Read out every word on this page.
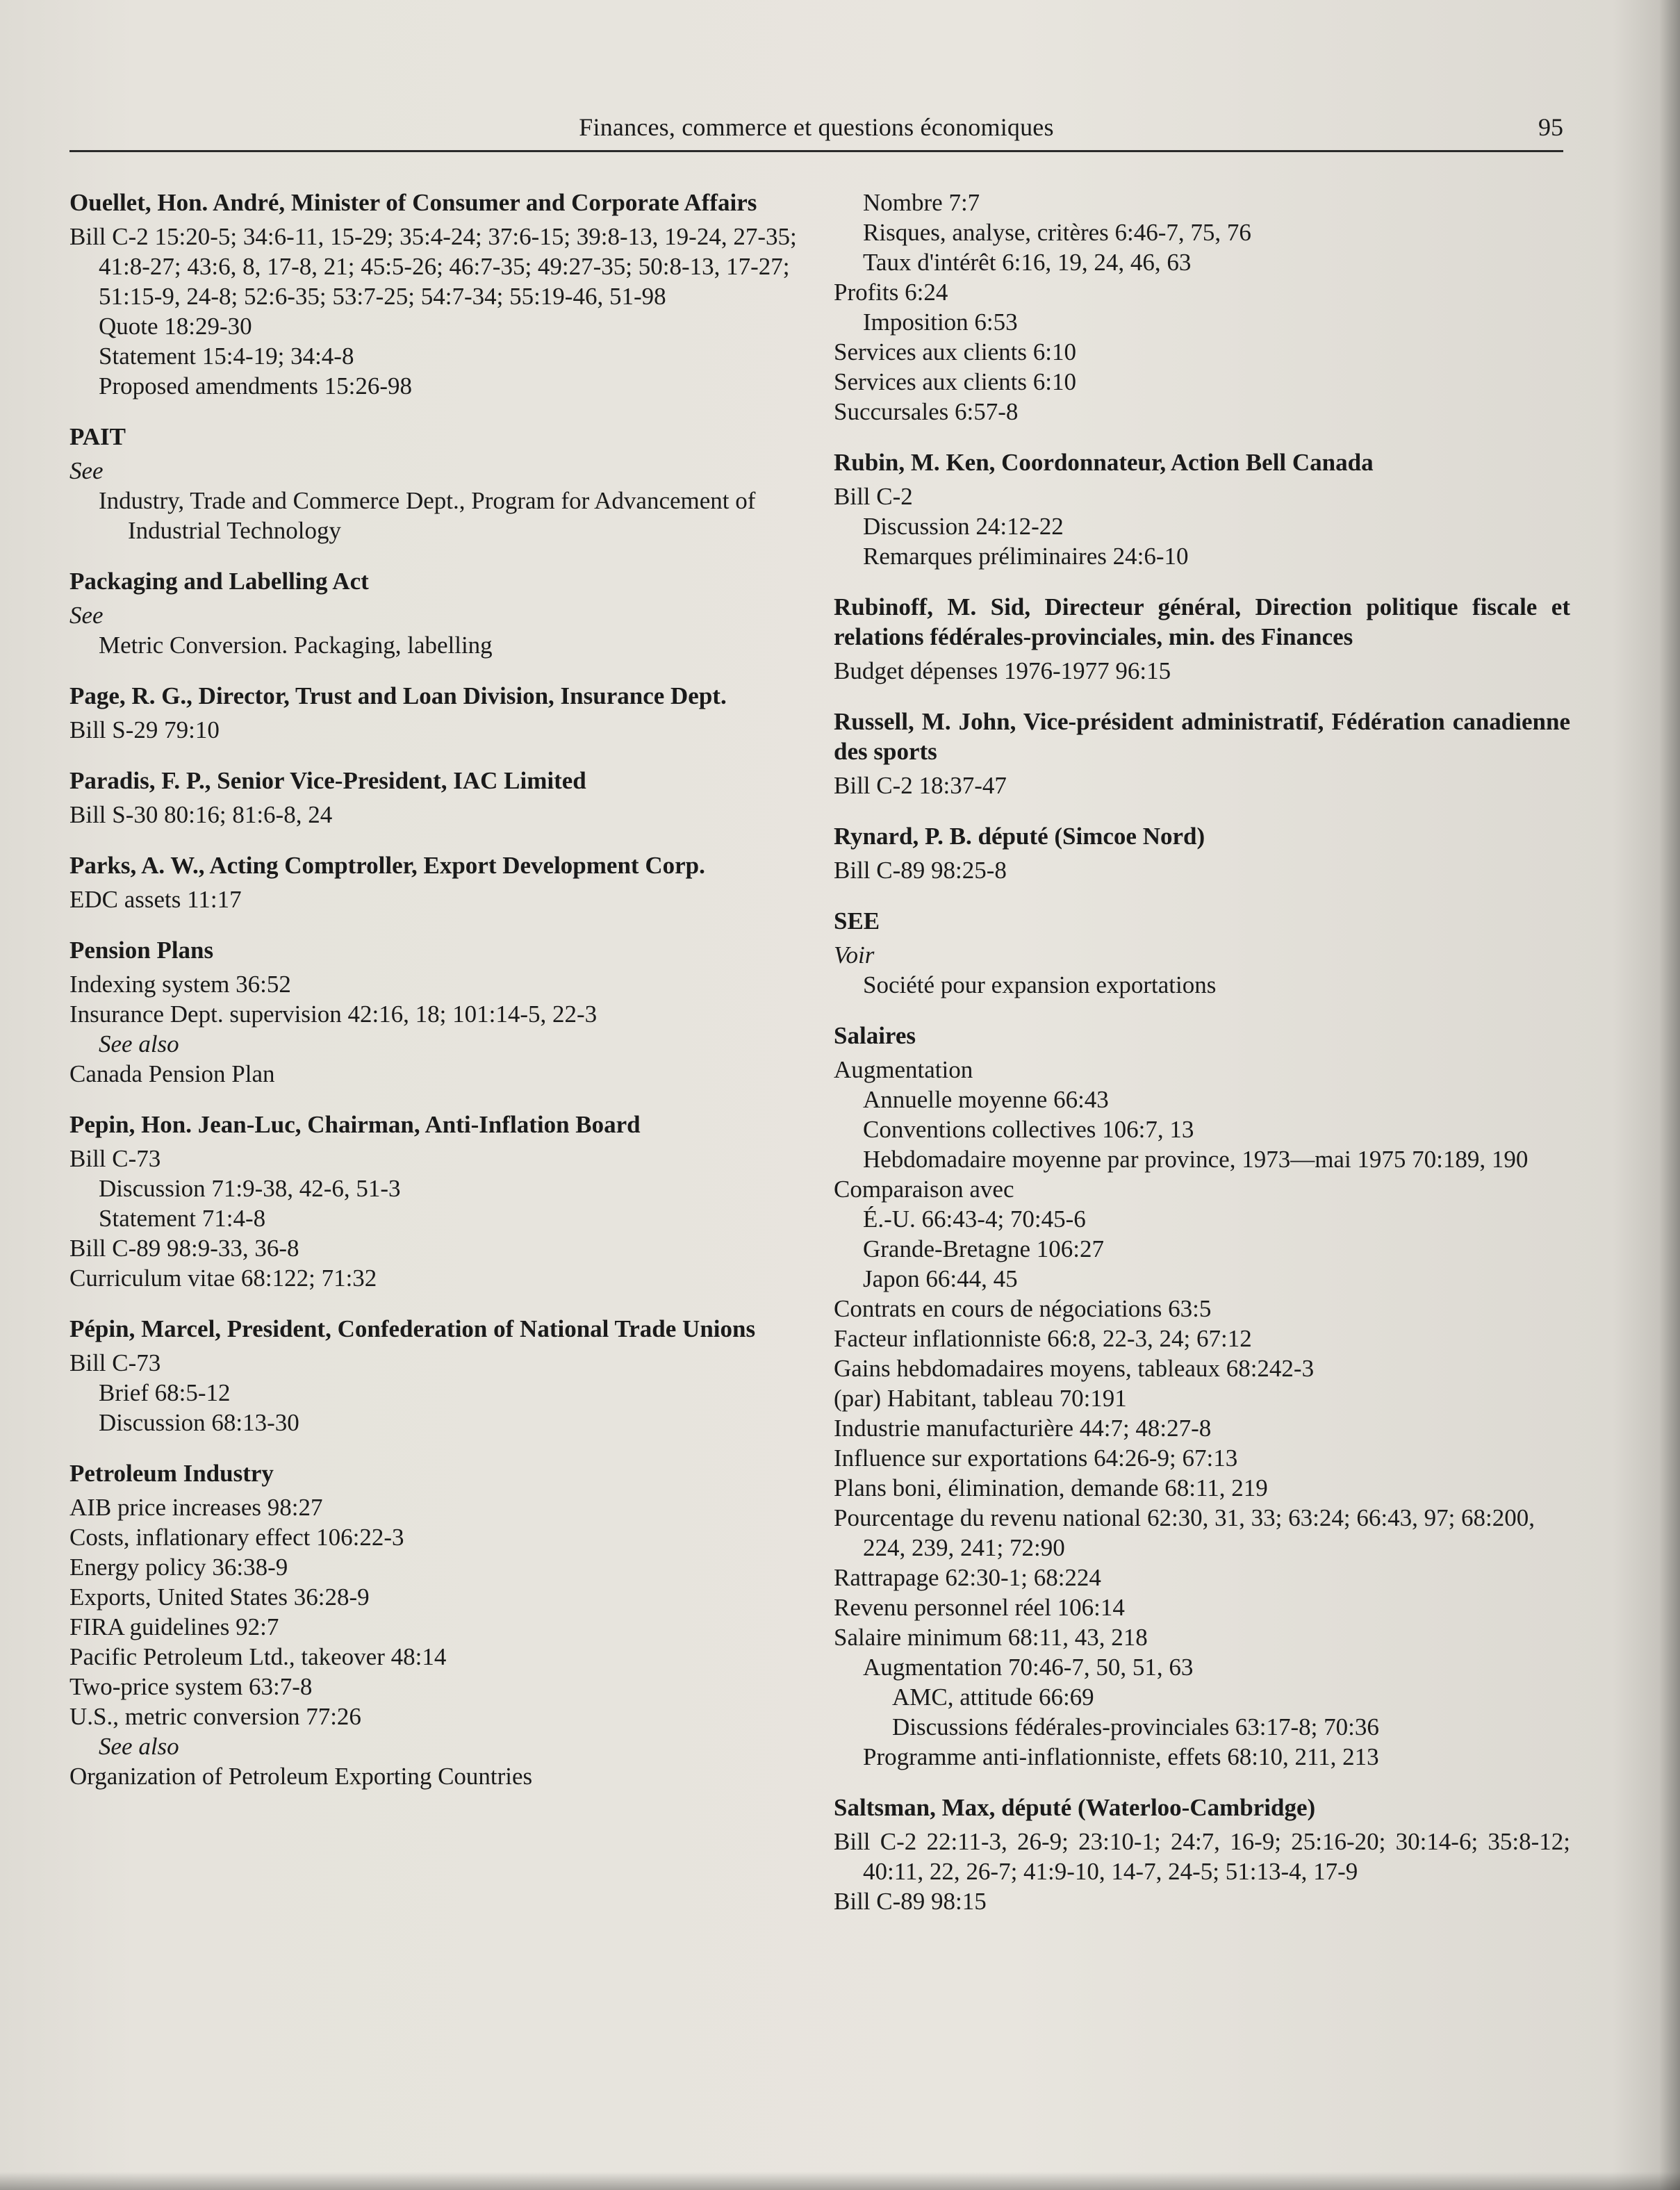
Finances, commerce et questions économiques	95
Ouellet, Hon. André, Minister of Consumer and Corporate Affairs
Bill C-2 15:20-5; 34:6-11, 15-29; 35:4-24; 37:6-15; 39:8-13, 19-24, 27-35; 41:8-27; 43:6, 8, 17-8, 21; 45:5-26; 46:7-35; 49:27-35; 50:8-13, 17-27; 51:15-9, 24-8; 52:6-35; 53:7-25; 54:7-34; 55:19-46, 51-98
Quote 18:29-30
Statement 15:4-19; 34:4-8
Proposed amendments 15:26-98
PAIT
See
Industry, Trade and Commerce Dept., Program for Advancement of Industrial Technology
Packaging and Labelling Act
See
Metric Conversion. Packaging, labelling
Page, R. G., Director, Trust and Loan Division, Insurance Dept.
Bill S-29 79:10
Paradis, F. P., Senior Vice-President, IAC Limited
Bill S-30 80:16; 81:6-8, 24
Parks, A. W., Acting Comptroller, Export Development Corp.
EDC assets 11:17
Pension Plans
Indexing system 36:52
Insurance Dept. supervision 42:16, 18; 101:14-5, 22-3
See also
Canada Pension Plan
Pepin, Hon. Jean-Luc, Chairman, Anti-Inflation Board
Bill C-73
Discussion 71:9-38, 42-6, 51-3
Statement 71:4-8
Bill C-89 98:9-33, 36-8
Curriculum vitae 68:122; 71:32
Pépin, Marcel, President, Confederation of National Trade Unions
Bill C-73
Brief 68:5-12
Discussion 68:13-30
Petroleum Industry
AIB price increases 98:27
Costs, inflationary effect 106:22-3
Energy policy 36:38-9
Exports, United States 36:28-9
FIRA guidelines 92:7
Pacific Petroleum Ltd., takeover 48:14
Two-price system 63:7-8
U.S., metric conversion 77:26
See also
Organization of Petroleum Exporting Countries
Nombre 7:7
Risques, analyse, critères 6:46-7, 75, 76
Taux d'intérêt 6:16, 19, 24, 46, 63
Profits 6:24
Imposition 6:53
Services aux clients 6:10
Services aux clients 6:10
Succursales 6:57-8
Rubin, M. Ken, Coordonnateur, Action Bell Canada
Bill C-2
Discussion 24:12-22
Remarques préliminaires 24:6-10
Rubinoff, M. Sid, Directeur général, Direction politique fiscale et relations fédérales-provinciales, min. des Finances
Budget dépenses 1976-1977 96:15
Russell, M. John, Vice-président administratif, Fédération canadienne des sports
Bill C-2 18:37-47
Rynard, P. B. député (Simcoe Nord)
Bill C-89 98:25-8
SEE
Voir
Société pour expansion exportations
Salaires
Augmentation
Annuelle moyenne 66:43
Conventions collectives 106:7, 13
Hebdomadaire moyenne par province, 1973—mai 1975 70:189, 190
Comparaison avec
É.-U. 66:43-4; 70:45-6
Grande-Bretagne 106:27
Japon 66:44, 45
Contrats en cours de négociations 63:5
Facteur inflationniste 66:8, 22-3, 24; 67:12
Gains hebdomadaires moyens, tableaux 68:242-3
(par) Habitant, tableau 70:191
Industrie manufacturière 44:7; 48:27-8
Influence sur exportations 64:26-9; 67:13
Plans boni, élimination, demande 68:11, 219
Pourcentage du revenu national 62:30, 31, 33; 63:24; 66:43, 97; 68:200, 224, 239, 241; 72:90
Rattrapage 62:30-1; 68:224
Revenu personnel réel 106:14
Salaire minimum 68:11, 43, 218
Augmentation 70:46-7, 50, 51, 63
AMC, attitude 66:69
Discussions fédérales-provinciales 63:17-8; 70:36
Programme anti-inflationniste, effets 68:10, 211, 213
Saltsman, Max, député (Waterloo-Cambridge)
Bill C-2 22:11-3, 26-9; 23:10-1; 24:7, 16-9; 25:16-20; 30:14-6; 35:8-12; 40:11, 22, 26-7; 41:9-10, 14-7, 24-5; 51:13-4, 17-9
Bill C-89 98:15
